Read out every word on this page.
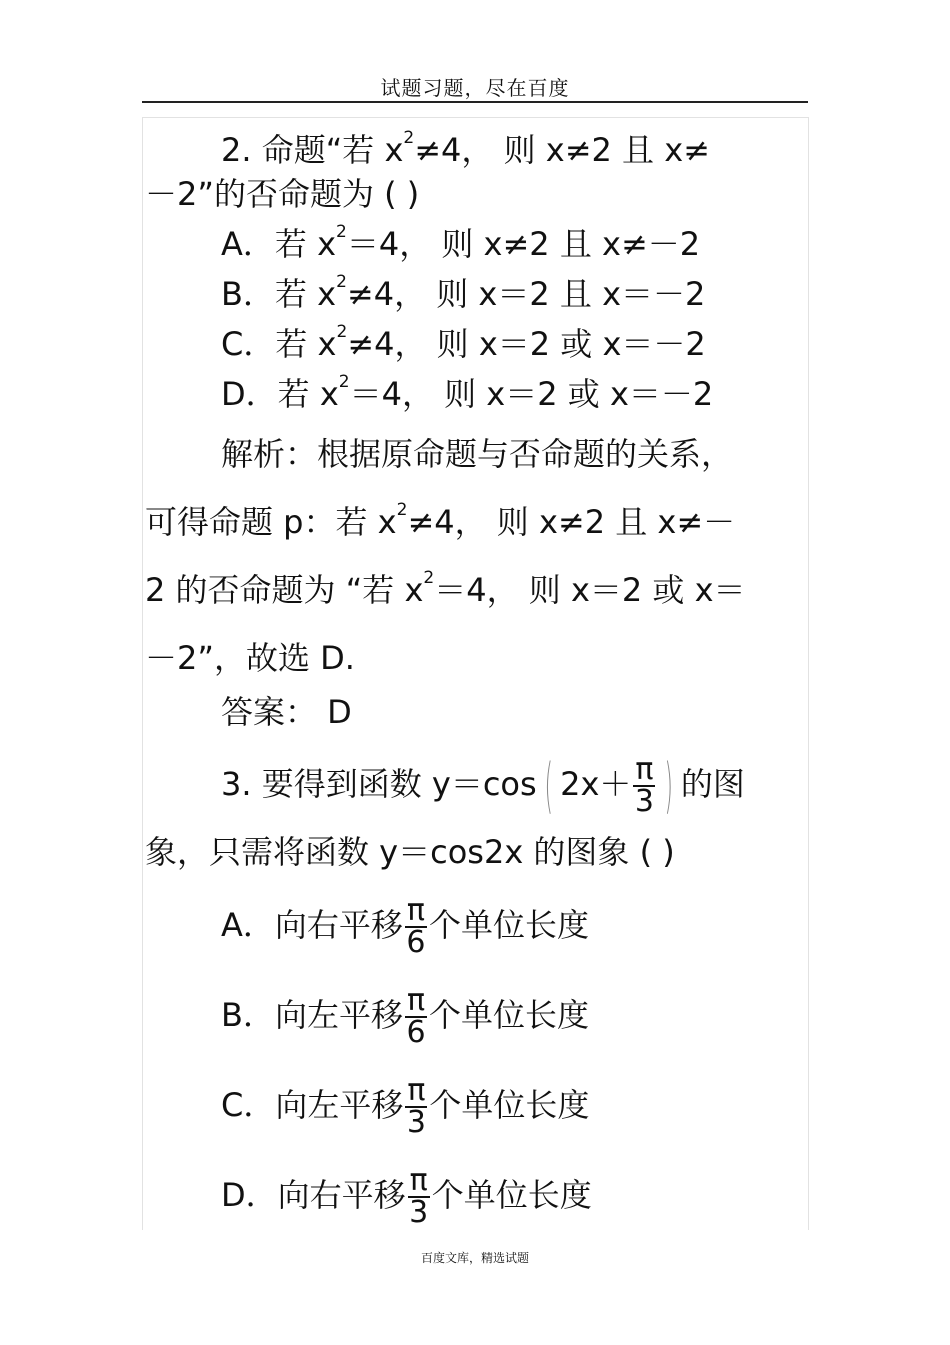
试题习题，尽在百度
2. 命题“若 $x^2\ne 4$， 则 x≠2 且 x≠
－2”的否命题为 ( )
A．若 $x^2=4$， 则 x≠2 且 x≠－2
B．若 $x^2\ne 4$， 则 x＝2 且 x＝－2
C．若 $x^2\ne 4$， 则 x＝2 或 x＝－2
D．若 $x^2=4$， 则 x＝2 或 x＝－2
解析：根据原命题与否命题的关系，
可得命题 p：若 $x^2\ne 4$， 则 x≠2 且 x≠－
2 的否命题为 “若 $x^2=4$， 则 x＝2 或 x＝
－2”，故选 D.
答案： D
3. 要得到函数 y＝cos ( $2x+ \frac{\pi}{3}$ ) 的图
象，只需将函数 y＝cos2x 的图象 ( )
A．向右平移 $\frac{\pi}{6}$ 个单位长度
B．向左平移 $\frac{\pi}{6}$ 个单位长度
C．向左平移 $\frac{\pi}{3}$ 个单位长度
D．向右平移 $\frac{\pi}{3}$ 个单位长度
百度文库，精选试题
